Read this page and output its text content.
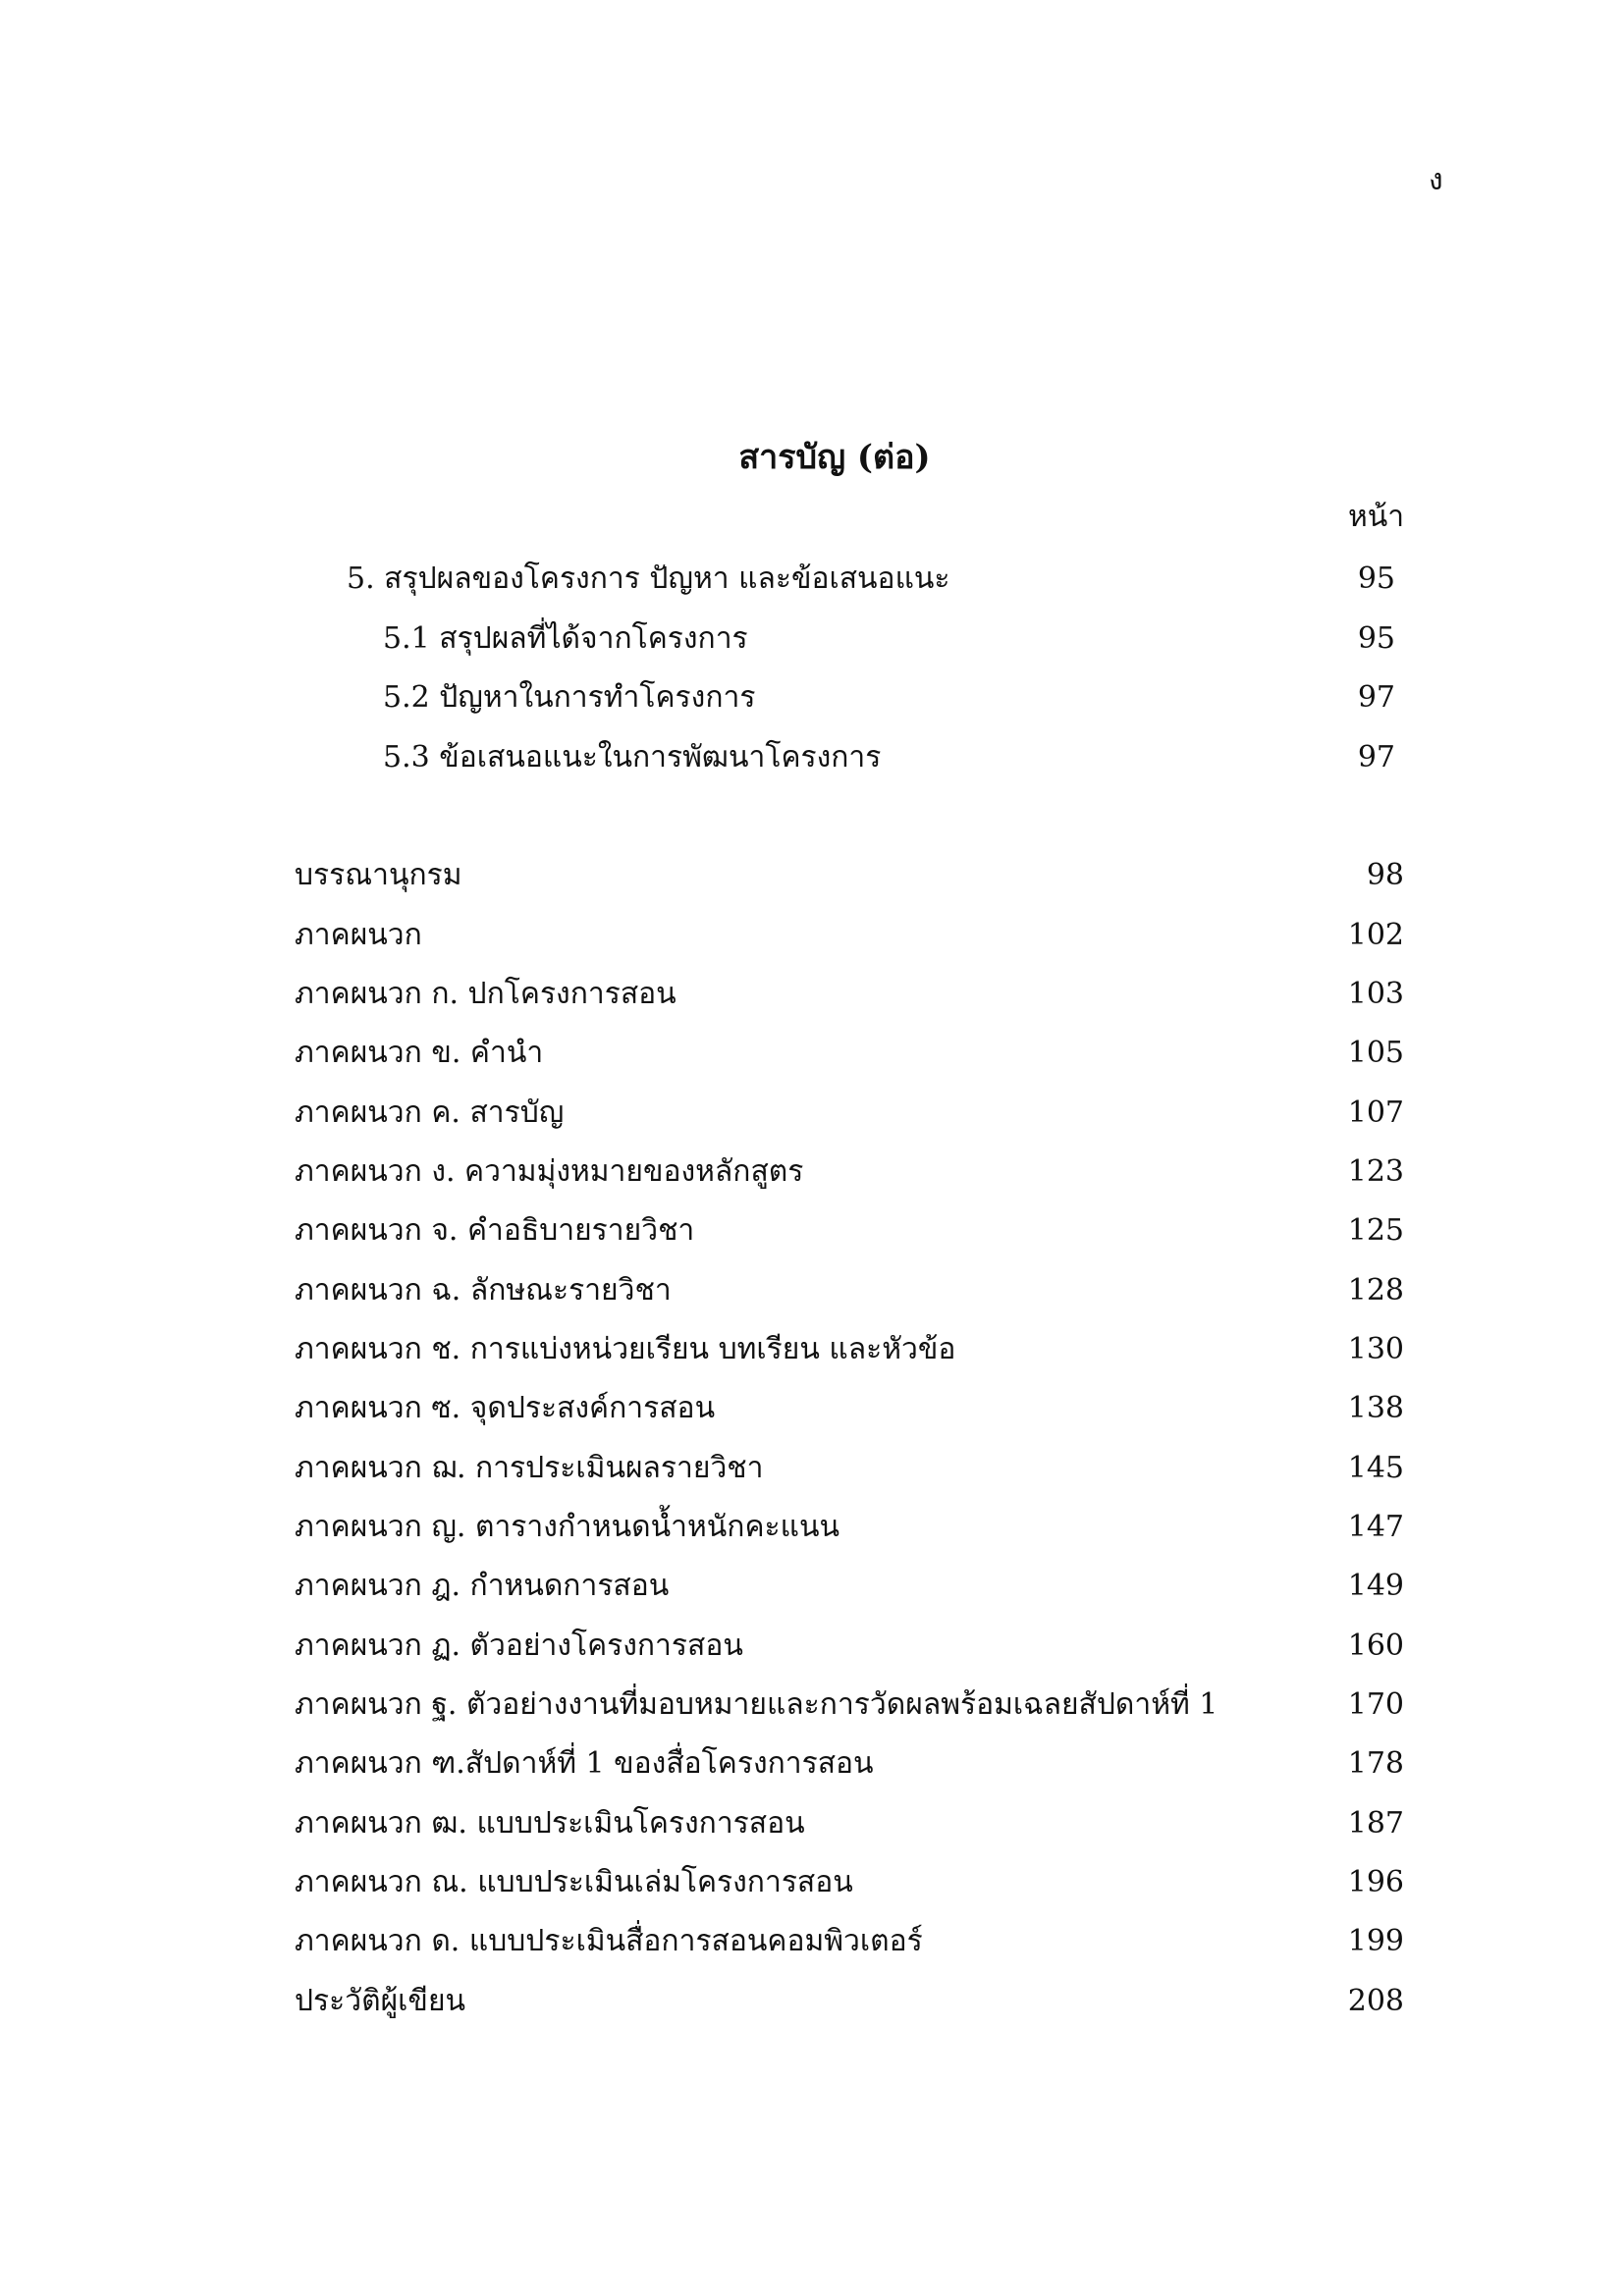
ง
สารบัญ (ต่อ)
หน้า
5. สรุปผลของโครงการ ปัญหา และข้อเสนอแนะ	95
5.1 สรุปผลที่ได้จากโครงการ	95
5.2 ปัญหาในการทำโครงการ	97
5.3 ข้อเสนอแนะในการพัฒนาโครงการ	97
บรรณานุกรม	98
ภาคผนวก	102
ภาคผนวก ก. ปกโครงการสอน	103
ภาคผนวก ข. คำนำ	105
ภาคผนวก ค. สารบัญ	107
ภาคผนวก ง. ความมุ่งหมายของหลักสูตร	123
ภาคผนวก จ. คำอธิบายรายวิชา	125
ภาคผนวก ฉ. ลักษณะรายวิชา	128
ภาคผนวก ช. การแบ่งหน่วยเรียน บทเรียน และหัวข้อ	130
ภาคผนวก ซ. จุดประสงค์การสอน	138
ภาคผนวก ฌ. การประเมินผลรายวิชา	145
ภาคผนวก ญ. ตารางกำหนดน้ำหนักคะแนน	147
ภาคผนวก ฎ. กำหนดการสอน	149
ภาคผนวก ฏ. ตัวอย่างโครงการสอน	160
ภาคผนวก ฐ. ตัวอย่างงานที่มอบหมายและการวัดผลพร้อมเฉลยสัปดาห์ที่ 1	170
ภาคผนวก ฑ.สัปดาห์ที่ 1 ของสื่อโครงการสอน	178
ภาคผนวก ฒ. แบบประเมินโครงการสอน	187
ภาคผนวก ณ. แบบประเมินเล่มโครงการสอน	196
ภาคผนวก ด. แบบประเมินสื่อการสอนคอมพิวเตอร์	199
ประวัติผู้เขียน	208
